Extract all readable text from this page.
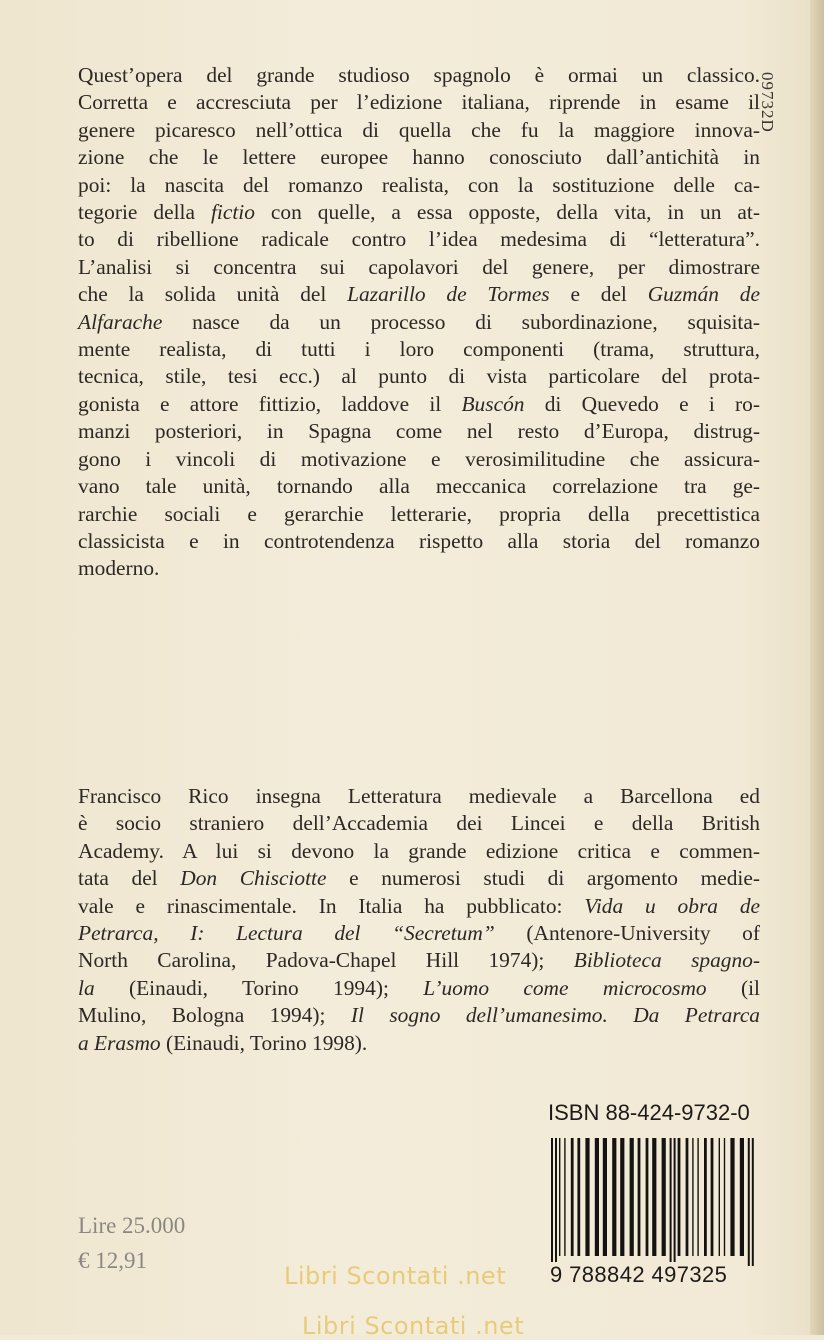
09732D
Quest’opera del grande studioso spagnolo è ormai un classico.
Corretta e accresciuta per l’edizione italiana, riprende in esame il
genere picaresco nell’ottica di quella che fu la maggiore innova-
zione che le lettere europee hanno conosciuto dall’antichità in
poi: la nascita del romanzo realista, con la sostituzione delle ca-
tegorie della fictio con quelle, a essa opposte, della vita, in un at-
to di ribellione radicale contro l’idea medesima di “letteratura”.
L’analisi si concentra sui capolavori del genere, per dimostrare
che la solida unità del Lazarillo de Tormes e del Guzmán de
Alfarache nasce da un processo di subordinazione, squisita-
mente realista, di tutti i loro componenti (trama, struttura,
tecnica, stile, tesi ecc.) al punto di vista particolare del prota-
gonista e attore fittizio, laddove il Buscón di Quevedo e i ro-
manzi posteriori, in Spagna come nel resto d’Europa, distrug-
gono i vincoli di motivazione e verosimilitudine che assicura-
vano tale unità, tornando alla meccanica correlazione tra ge-
rarchie sociali e gerarchie letterarie, propria della precettistica
classicista e in controtendenza rispetto alla storia del romanzo
moderno.
Francisco Rico insegna Letteratura medievale a Barcellona ed
è socio straniero dell’Accademia dei Lincei e della British
Academy. A lui si devono la grande edizione critica e commen-
tata del Don Chisciotte e numerosi studi di argomento medie-
vale e rinascimentale. In Italia ha pubblicato: Vida u obra de
Petrarca, I: Lectura del “Secretum” (Antenore-University of
North Carolina, Padova-Chapel Hill 1974); Biblioteca spagno-
la (Einaudi, Torino 1994); L’uomo come microcosmo (il
Mulino, Bologna 1994); Il sogno dell’umanesimo. Da Petrarca
a Erasmo (Einaudi, Torino 1998).
ISBN 88-424-9732-0
9 788842 497325
Lire 25.000
€ 12,91
Libri Scontati .net
Libri Scontati .net
